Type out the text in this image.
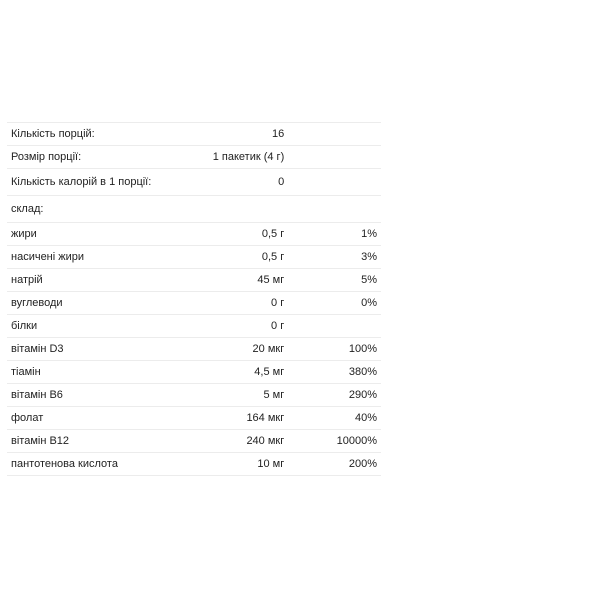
Кількість порцій:	16	
Розмір порції:	1 пакетик (4 г)	
Кількість калорій в 1 порції:	0	
склад:		
жири	0,5 г	1%
насичені жири	0,5 г	3%
натрій	45 мг	5%
вуглеводи	0 г	0%
білки	0 г	
вітамін D3	20 мкг	100%
тіамін	4,5 мг	380%
вітамін B6	5 мг	290%
фолат	164 мкг	40%
вітамін B12	240 мкг	10000%
пантотенова кислота	10 мг	200%
